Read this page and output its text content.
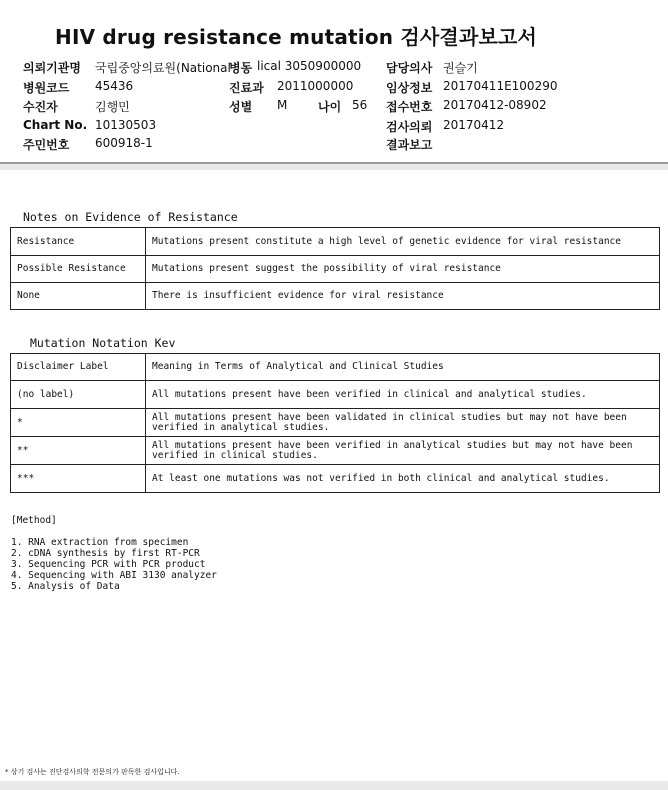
HIV drug resistance mutation 검사결과보고서
의뢰기관명 국립중앙의료원(National
병동 lical 3050900000 담당의사 권슬기
병원코드 45436	진료과 2011000000	임상정보 20170411E100290
수진자	김행민	성별 M	나이 56 접수번호 20170412-08902
Chart No. 10130503	검사의뢰 20170412
주민번호 600918-1	결과보고
Notes on Evidence of Resistance
Resistance	Mutations present constitute a high level of genetic evidence for viral resistance
Possible Resistance	Mutations present suggest the possibility of viral resistance
None	There is insufficient evidence for viral resistance
Mutation Notation Kev
Disclaimer Label	Meaning in Terms of Analytical and Clinical Studies
(no label)	All mutations present have been verified in clinical and analytical studies.
*	All mutations present have been validated in clinical studies but may not have been verified in analytical studies.
**	All mutations present have been verified in analytical studies but may not have been verified in clinical studies.
***	At least one mutations was not verified in both clinical and analytical studies.
[Method]
1. RNA extraction from specimen
2. cDNA synthesis by first RT-PCR
3. Sequencing PCR with PCR product
4. Sequencing with ABI 3130 analyzer
5. Analysis of Data
* 상기 검사는 진단검사의학 전문의가 판독한 검사입니다.
